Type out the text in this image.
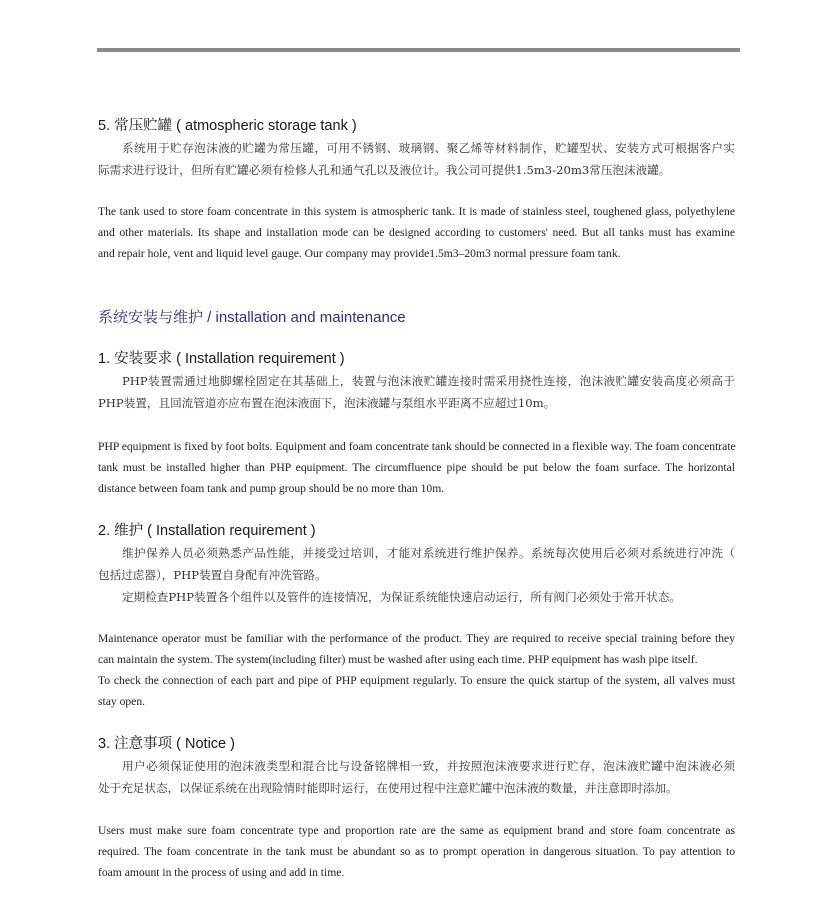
5. 常压贮罐 ( atmospheric storage tank )
系统用于贮存泡沫液的贮罐为常压罐，可用不锈钢、玻璃钢、聚乙烯等材料制作，贮罐型状、安装方式可根据客户实
际需求进行设计，但所有贮罐必须有检修人孔和通气孔以及液位计。我公司可提供1.5m3-20m3常压泡沫液罐。
The tank used to store foam concentrate in this system is atmospheric tank. It is made of stainless steel, toughened glass, polyethylene
and other materials. Its shape and installation mode can be designed according to customers' need. But all tanks must has examine
and repair hole, vent and liquid level gauge. Our company may provide1.5m3–20m3 normal pressure foam tank.
系统安装与维护 / installation and maintenance
1. 安装要求 ( Installation requirement )
PHP装置需通过地脚螺栓固定在其基础上，装置与泡沫液贮罐连接时需采用挠性连接，泡沫液贮罐安装高度必须高于
PHP装置，且回流管道亦应布置在泡沫液面下，泡沫液罐与泵组水平距离不应超过10m。
PHP equipment is fixed by foot bolts. Equipment and foam concentrate tank should be connected in a flexible way. The foam concentrate
tank must be installed higher than PHP equipment. The circumfluence pipe should be put below the foam surface. The horizontal
distance between foam tank and pump group should be no more than 10m.
2. 维护 ( Installation requirement )
维护保养人员必须熟悉产品性能，并接受过培训，才能对系统进行维护保养。系统每次使用后必须对系统进行冲洗（
包括过虑器），PHP装置自身配有冲洗管路。
定期检查PHP装置各个组件以及管件的连接情况，为保证系统能快速启动运行，所有阀门必须处于常开状态。
Maintenance operator must be familiar with the performance of the product. They are required to receive special training before they
can maintain the system. The system(including filter) must be washed after using each time. PHP equipment has wash pipe itself.
To check the connection of each part and pipe of PHP equipment regularly. To ensure the quick startup of the system, all valves must
stay open.
3. 注意事项 ( Notice )
用户必须保证使用的泡沫液类型和混合比与设备铭牌相一致，并按照泡沫液要求进行贮存，泡沫液贮罐中泡沫液必须
处于充足状态，以保证系统在出现险情时能即时运行，在使用过程中注意贮罐中泡沫液的数量，并注意即时添加。
Users must make sure foam concentrate type and proportion rate are the same as equipment brand and store foam concentrate as
required. The foam concentrate in the tank must be abundant so as to prompt operation in dangerous situation. To pay attention to
foam amount in the process of using and add in time.
